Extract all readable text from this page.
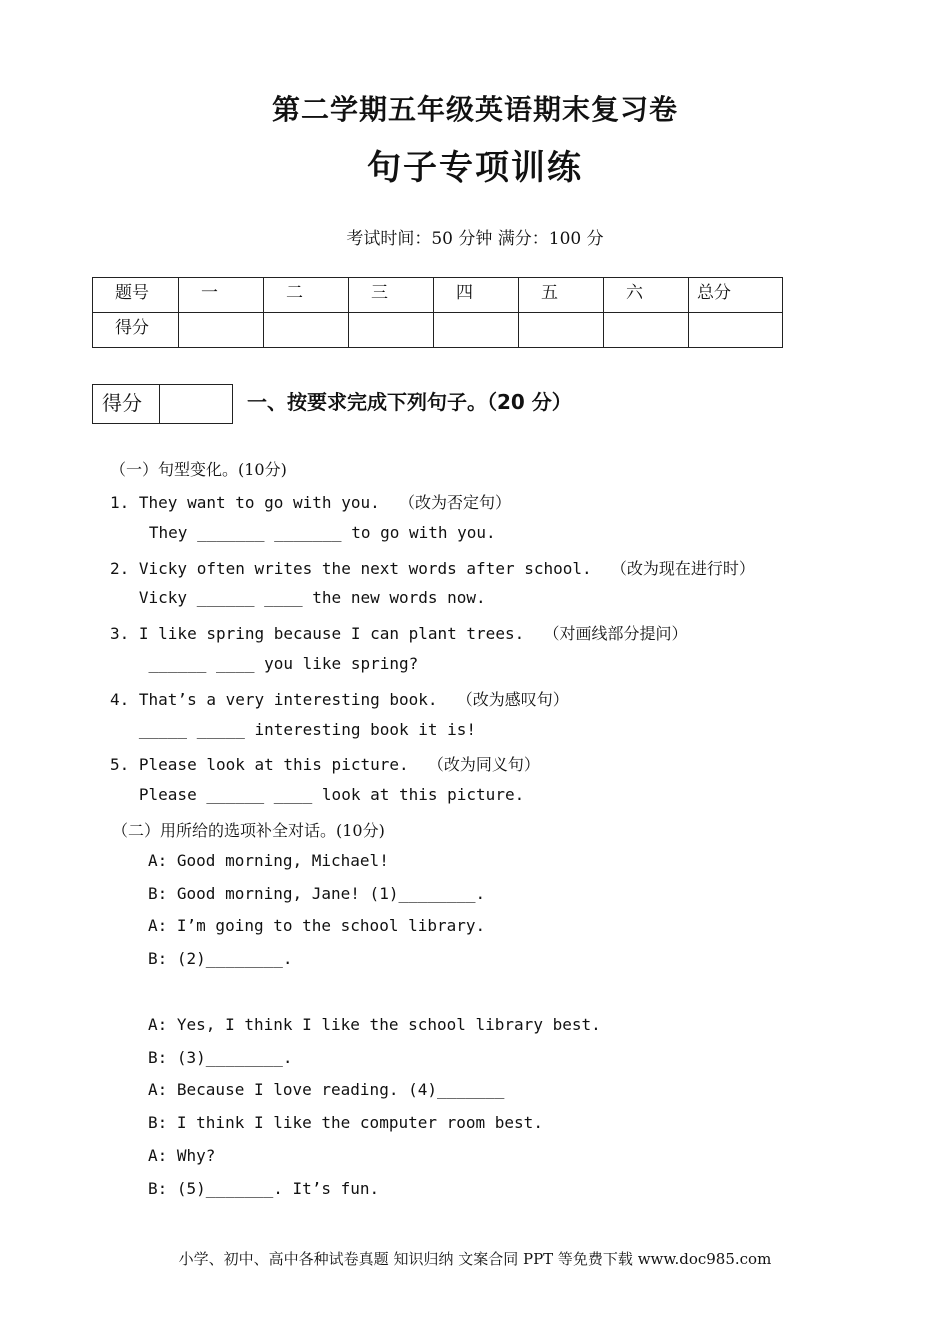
第二学期五年级英语期末复习卷
句子专项训练
考试时间：50 分钟 满分：100 分
题号	一	二	三	四	五	六	总分
得分							
得分	一、按要求完成下列句子。（20 分）
（一）句型变化。(10分)
1. They want to go with you.  （改为否定句）
They _______ _______ to go with you.
2. Vicky often writes the next words after school.  （改为现在进行时）
Vicky ______ ____ the new words now.
3. I like spring because I can plant trees.  （对画线部分提问）
______ ____ you like spring?
4. That’s a very interesting book.  （改为感叹句）
_____ _____ interesting book it is!
5. Please look at this picture.  （改为同义句）
Please ______ ____ look at this picture.
（二）用所给的选项补全对话。(10分)
A: Good morning, Michael!
B: Good morning, Jane! (1)________.
A: I’m going to the school library.
B: (2)________.
A: Yes, I think I like the school library best.
B: (3)________.
A: Because I love reading. (4)_______
B: I think I like the computer room best.
A: Why?
B: (5)_______. It’s fun.
小学、初中、高中各种试卷真题 知识归纳 文案合同 PPT 等免费下载 www.doc985.com
